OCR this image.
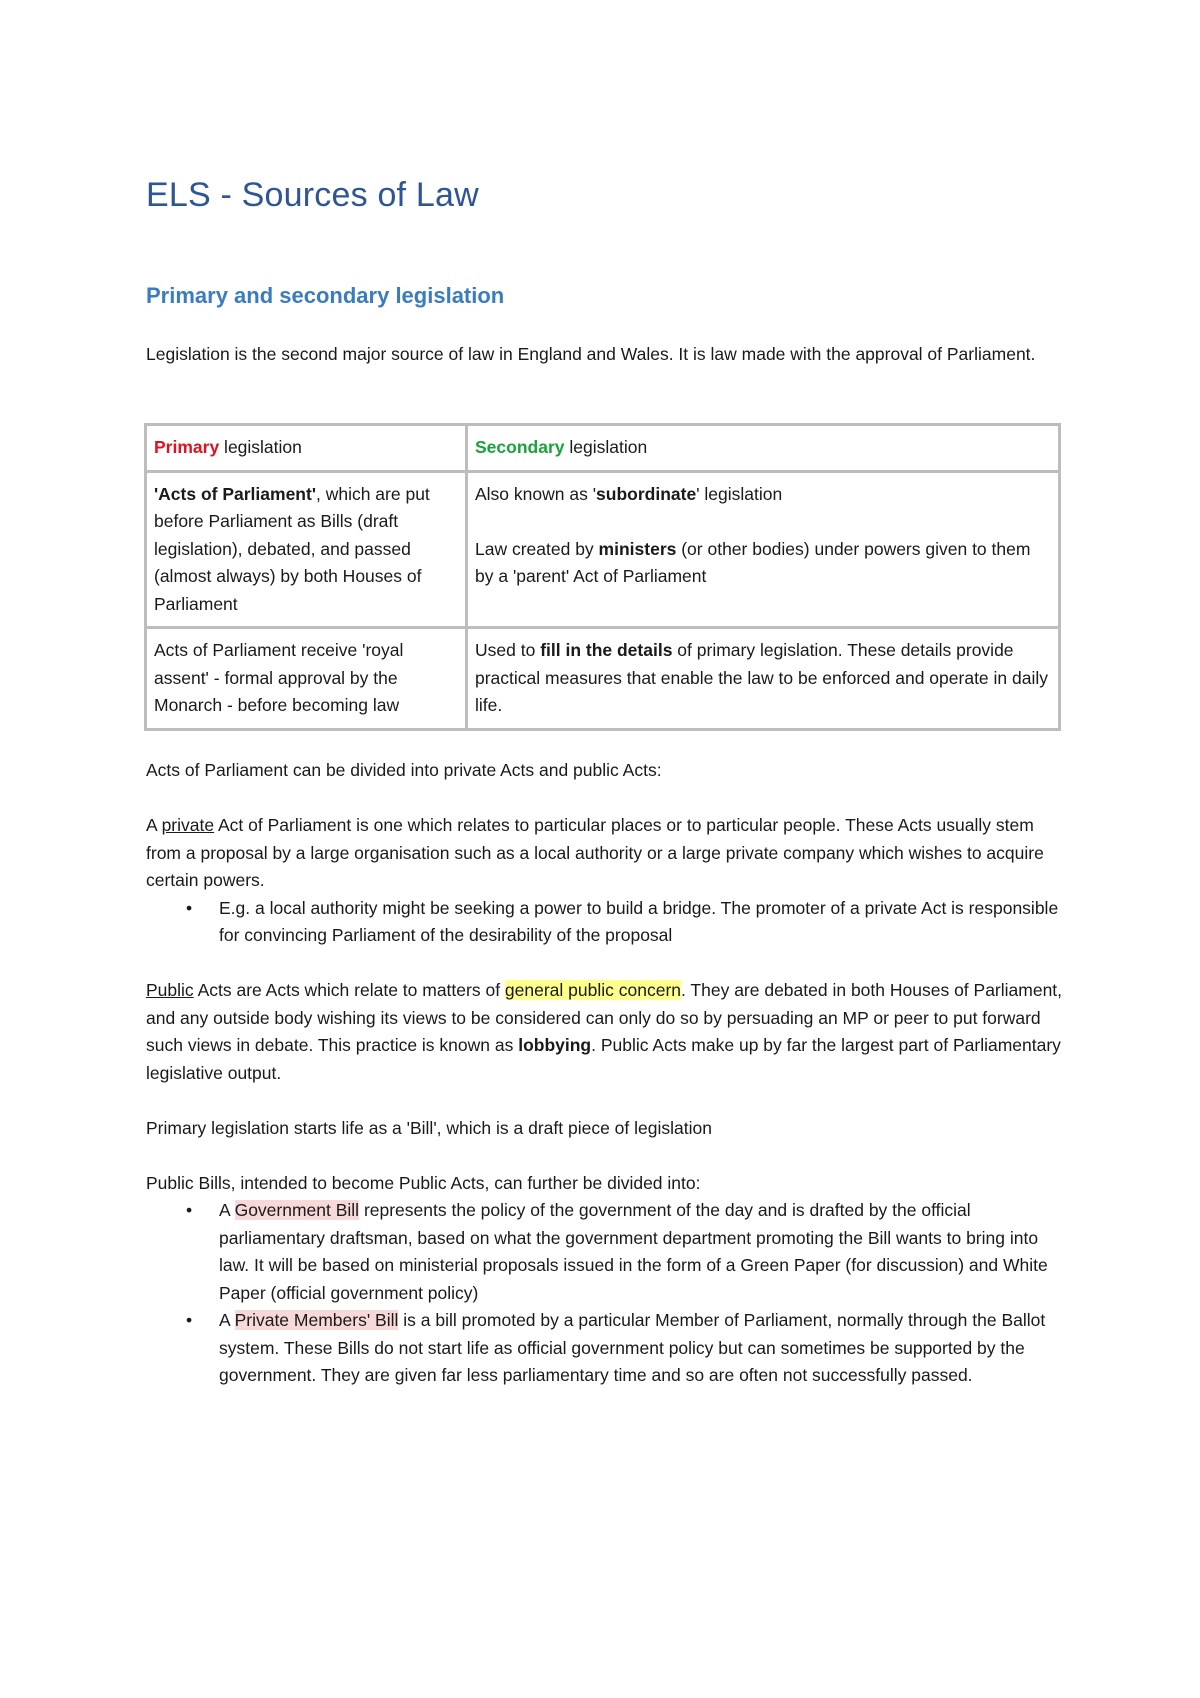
ELS - Sources of Law
Primary and secondary legislation

Legislation is the second major source of law in England and Wales. It is law made with the approval of Parliament.

Primary legislation	Secondary legislation
'Acts of Parliament', which are put before Parliament as Bills (draft legislation), debated, and passed (almost always) by both Houses of Parliament	Also known as 'subordinate' legislation
Law created by ministers (or other bodies) under powers given to them by a 'parent' Act of Parliament

Acts of Parliament receive 'royal assent' - formal approval by the Monarch - before becoming law	Used to fill in the details of primary legislation. These details provide practical measures that enable the law to be enforced and operate in daily life.

Acts of Parliament can be divided into private Acts and public Acts:

A private Act of Parliament is one which relates to particular places or to particular people. These Acts usually stem from a proposal by a large organisation such as a local authority or a large private company which wishes to acquire certain powers.

• E.g. a local authority might be seeking a power to build a bridge. The promoter of a private Act is responsible for convincing Parliament of the desirability of the proposal

Public Acts are Acts which relate to matters of general public concern. They are debated in both Houses of Parliament, and any outside body wishing its views to be considered can only do so by persuading an MP or peer to put forward such views in debate. This practice is known as lobbying. Public Acts make up by far the largest part of Parliamentary legislative output.

Primary legislation starts life as a 'Bill', which is a draft piece of legislation

Public Bills, intended to become Public Acts, can further be divided into:

• A Government Bill represents the policy of the government of the day and is drafted by the official parliamentary draftsman, based on what the government department promoting the Bill wants to bring into law. It will be based on ministerial proposals issued in the form of a Green Paper (for discussion) and White Paper (official government policy)
• A Private Members' Bill is a bill promoted by a particular Member of Parliament, normally through the Ballot system. These Bills do not start life as official government policy but can sometimes be supported by the government. They are given far less parliamentary time and so are often not successfully passed.
